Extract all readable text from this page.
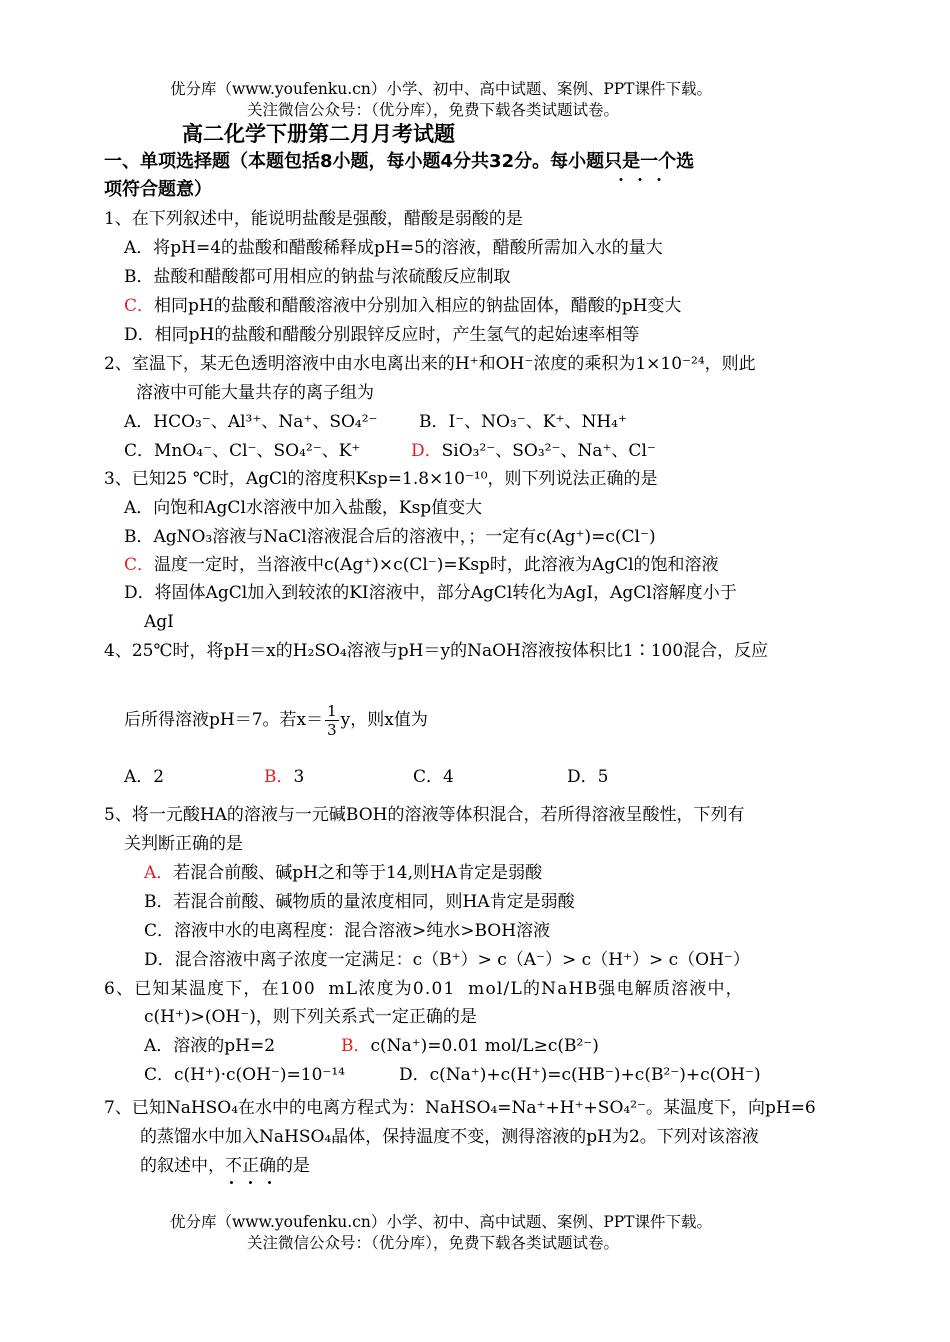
优分库（www.youfenku.cn）小学、初中、高中试题、案例、PPT课件下载。
关注微信公众号：（优分库），免费下载各类试题试卷。
高二化学下册第二月月考试题
一、单项选择题（本题包括8小题，每小题4分共32分。每小题只是一个选
项符合题意）
1、在下列叙述中，能说明盐酸是强酸，醋酸是弱酸的是
A．将pH=4的盐酸和醋酸稀释成pH=5的溶液，醋酸所需加入水的量大
B．盐酸和醋酸都可用相应的钠盐与浓硫酸反应制取
C．相同pH的盐酸和醋酸溶液中分别加入相应的钠盐固体，醋酸的pH变大
D．相同pH的盐酸和醋酸分别跟锌反应时，产生氢气的起始速率相等
2、室温下，某无色透明溶液中由水电离出来的H⁺和OH⁻浓度的乘积为1×10⁻²⁴，则此
溶液中可能大量共存的离子组为
A．HCO₃⁻、Al³⁺、Na⁺、SO₄²⁻ B．I⁻、NO₃⁻、K⁺、NH₄⁺
C．MnO₄⁻、Cl⁻、SO₄²⁻、K⁺	D．SiO₃²⁻、SO₃²⁻、Na⁺、Cl⁻
3、已知25 ℃时，AgCl的溶度积Ksp=1.8×10⁻¹⁰，则下列说法正确的是
A．向饱和AgCl水溶液中加入盐酸，Ksp值变大
B．AgNO₃溶液与NaCl溶液混合后的溶液中，；一定有c(Ag⁺)=c(Cl⁻)
C．温度一定时，当溶液中c(Ag⁺)×c(Cl⁻)=Ksp时，此溶液为AgCl的饱和溶液
D．将固体AgCl加入到较浓的KI溶液中，部分AgCl转化为AgI，AgCl溶解度小于
AgI
4、25℃时，将pH＝x的H₂SO₄溶液与pH＝y的NaOH溶液按体积比1∶100混合，反应
后所得溶液pH＝7。若$x= \frac{1}{3}$ y，则x值为
A．2	B．3	C．4	D．5
5、将一元酸HA的溶液与一元碱BOH的溶液等体积混合，若所得溶液呈酸性，下列有
关判断正确的是
A．若混合前酸、碱pH之和等于14,则HA肯定是弱酸
B．若混合前酸、碱物质的量浓度相同，则HA肯定是弱酸
C．溶液中水的电离程度：混合溶液>纯水>BOH溶液
D．混合溶液中离子浓度一定满足：c（B⁺）> c（A⁻）> c（H⁺）> c（OH⁻）
6、已知某温度下，在100 mL浓度为0.01 mol/L的NaHB强电解质溶液中，
c(H⁺)>(OH⁻)，则下列关系式一定正确的是
A．溶液的pH=2	B．c(Na⁺)=0.01 mol/L≥c(B²⁻)
C．c(H⁺)·c(OH⁻)=10⁻¹⁴	D．c(Na⁺)+c(H⁺)=c(HB⁻)+c(B²⁻)+c(OH⁻)
7、已知NaHSO₄在水中的电离方程式为：NaHSO₄=Na⁺+H⁺+SO₄²⁻。某温度下，向pH=6
的蒸馏水中加入NaHSO₄晶体，保持温度不变，测得溶液的pH为2。下列对该溶液
的叙述中，不正确的是
优分库（www.youfenku.cn）小学、初中、高中试题、案例、PPT课件下载。
关注微信公众号：（优分库），免费下载各类试题试卷。
